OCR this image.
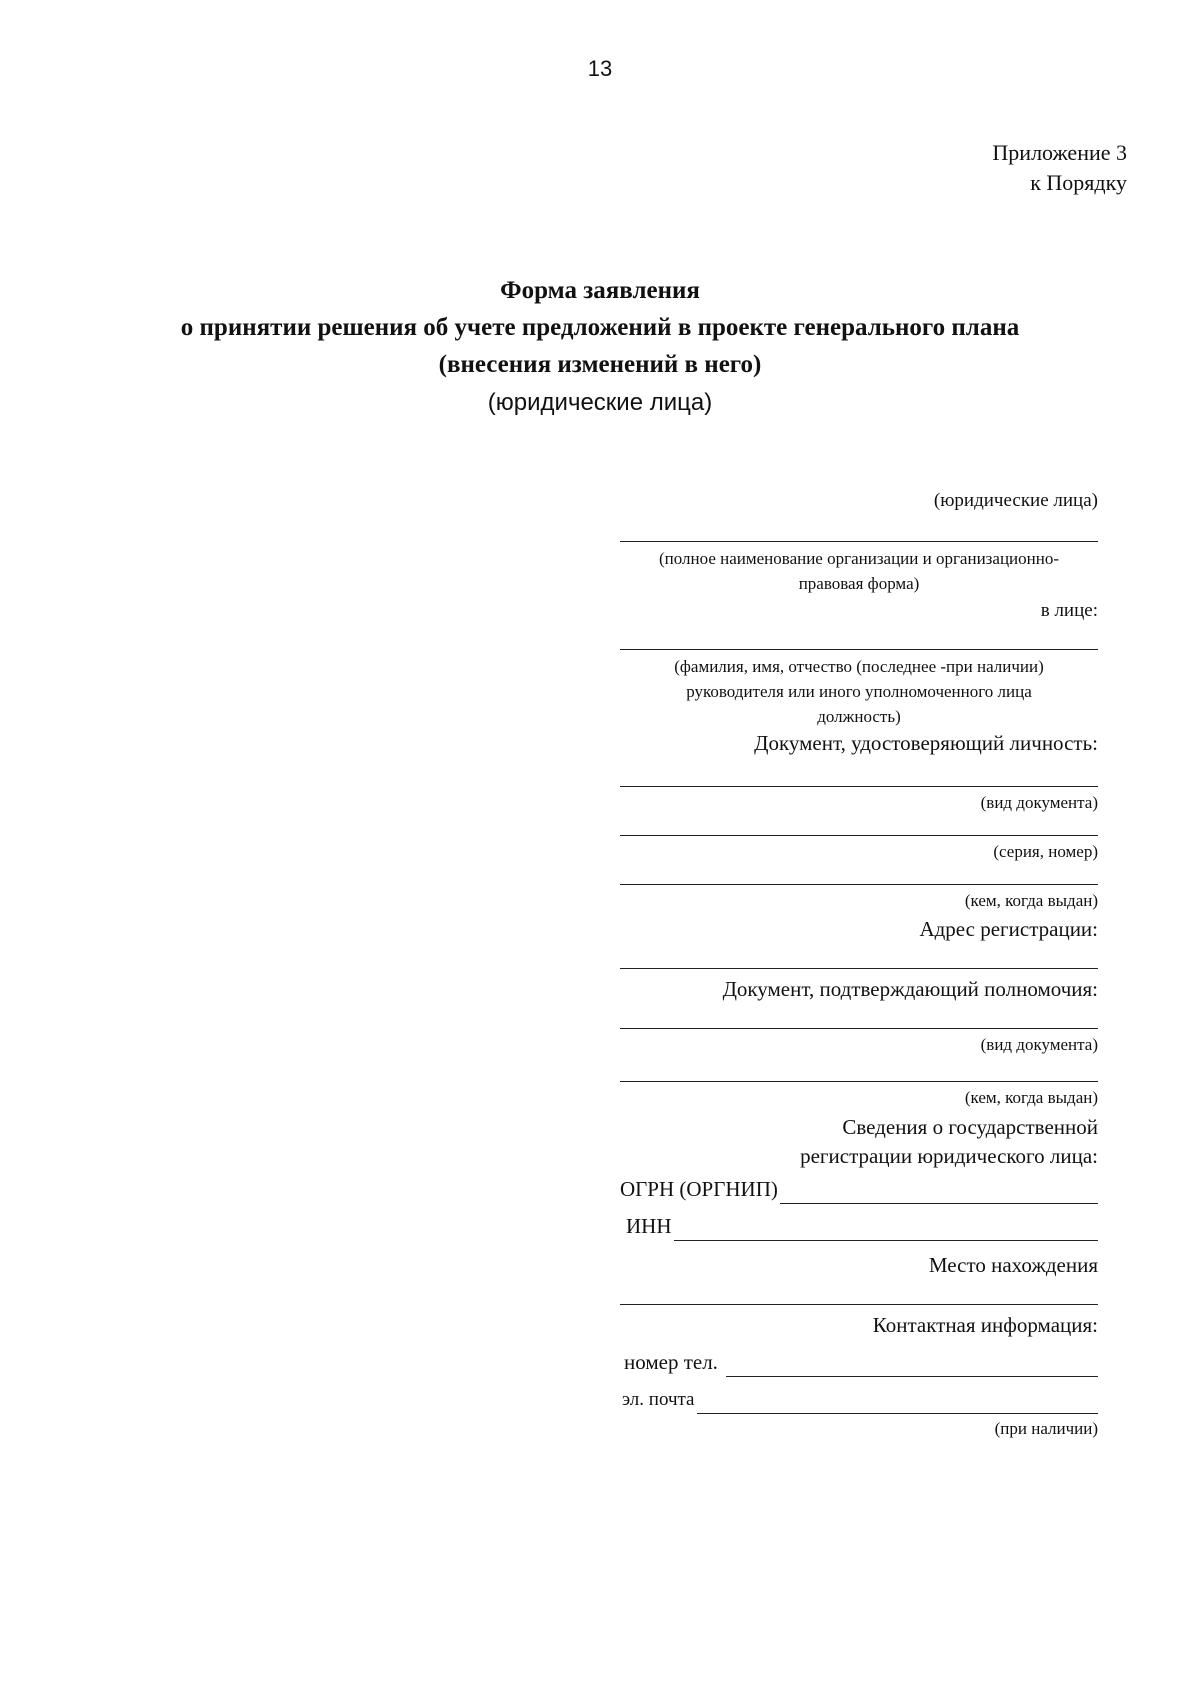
13
Приложение 3
к Порядку
Форма заявления
о принятии решения об учете предложений в проекте генерального плана
(внесения изменений в него)
(юридические лица)
(юридические лица)
(полное наименование организации и организационно-
правовая форма)
в лице:
(фамилия, имя, отчество (последнее -при наличии)
руководителя или иного уполномоченного лица
должность)
Документ, удостоверяющий личность:
(вид документа)
(серия, номер)
(кем, когда выдан)
Адрес регистрации:
Документ, подтверждающий полномочия:
(вид документа)
(кем, когда выдан)
Сведения о государственной
регистрации юридического лица:
ОГРН (ОРГНИП)
ИНН
Место нахождения
Контактная информация:
номер тел.
эл. почта
(при наличии)
